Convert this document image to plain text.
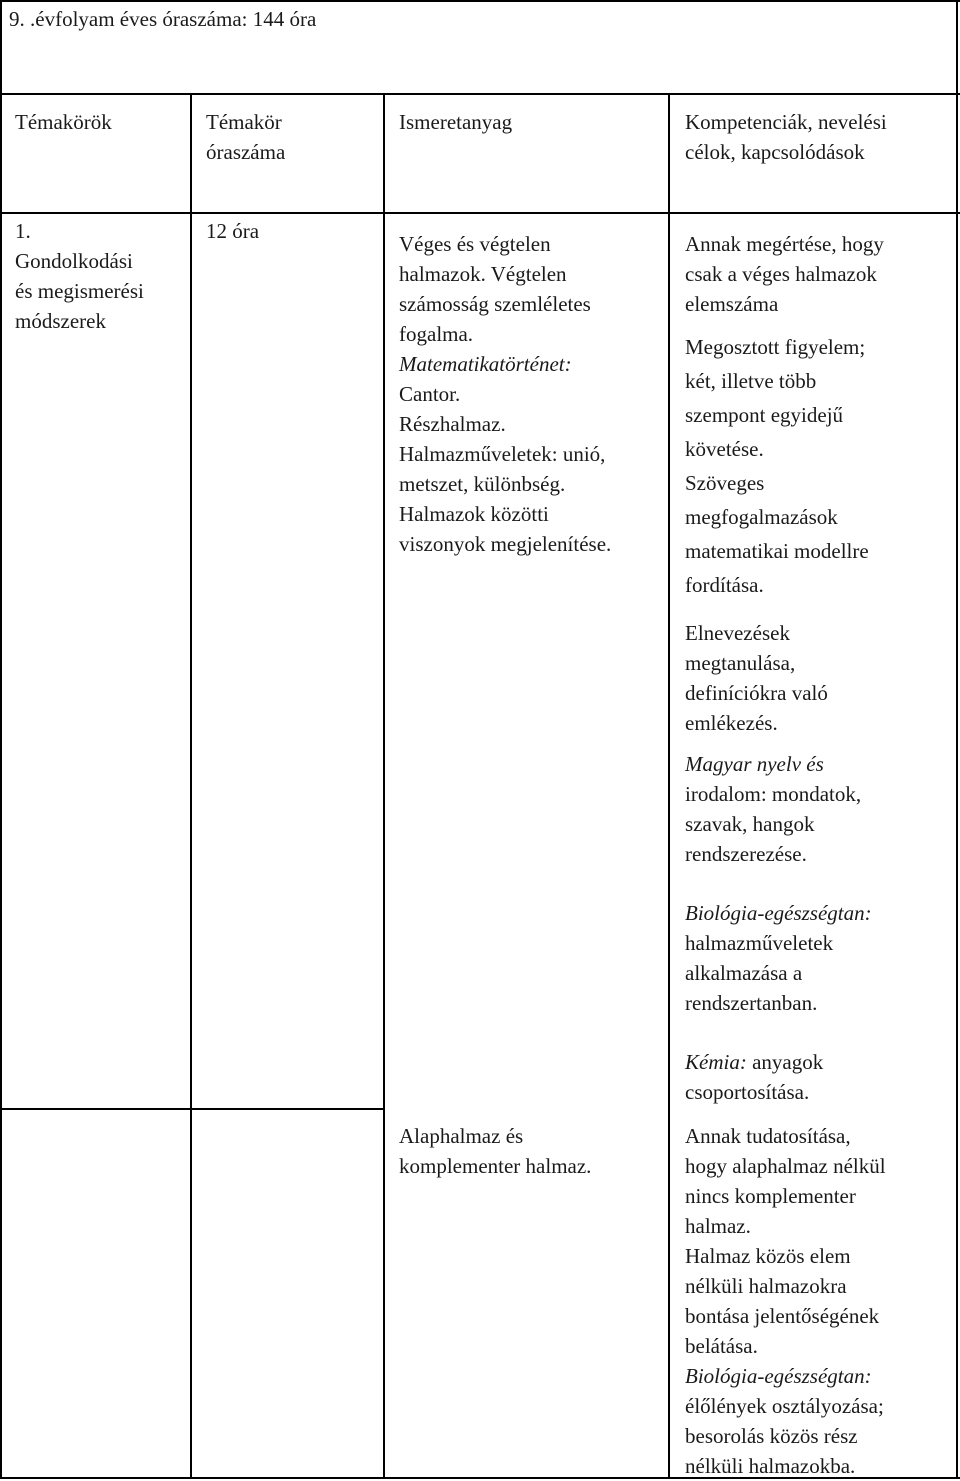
9. .évfolyam éves óraszáma: 144 óra
Témakörök	Témakör
óraszáma
Ismeretanyag	Kompetenciák, nevelési
célok, kapcsolódások

1.

Gondolkodási

és megismerési

módszerek

12 óra

Véges és végtelen

halmazok. Végtelen

számosság szemléletes

fogalma.

Matematikatörténet:

Cantor.

Részhalmaz.

Halmazműveletek: unió,

metszet, különbség.

Halmazok közötti

viszonyok megjelenítése.

Annak megértése, hogy

csak a véges halmazok

elemszáma

Megosztott figyelem;

két, illetve több

szempont egyidejű

követése.

Szöveges

megfogalmazások

matematikai modellre

fordítása.

Elnevezések

megtanulása,

definíciókra való

emlékezés.

Magyar nyelv és

irodalom: mondatok,

szavak, hangok

rendszerezése.

Biológia-egészségtan:

halmazműveletek

alkalmazása a

rendszertanban.

Kémia: anyagok

csoportosítása.

Alaphalmaz és

komplementer halmaz.

Annak tudatosítása,

hogy alaphalmaz nélkül

nincs komplementer

halmaz.

Halmaz közös elem

nélküli halmazokra

bontása jelentőségének

belátása.

Biológia-egészségtan:

élőlények osztályozása;

besorolás közös rész

nélküli halmazokba.
